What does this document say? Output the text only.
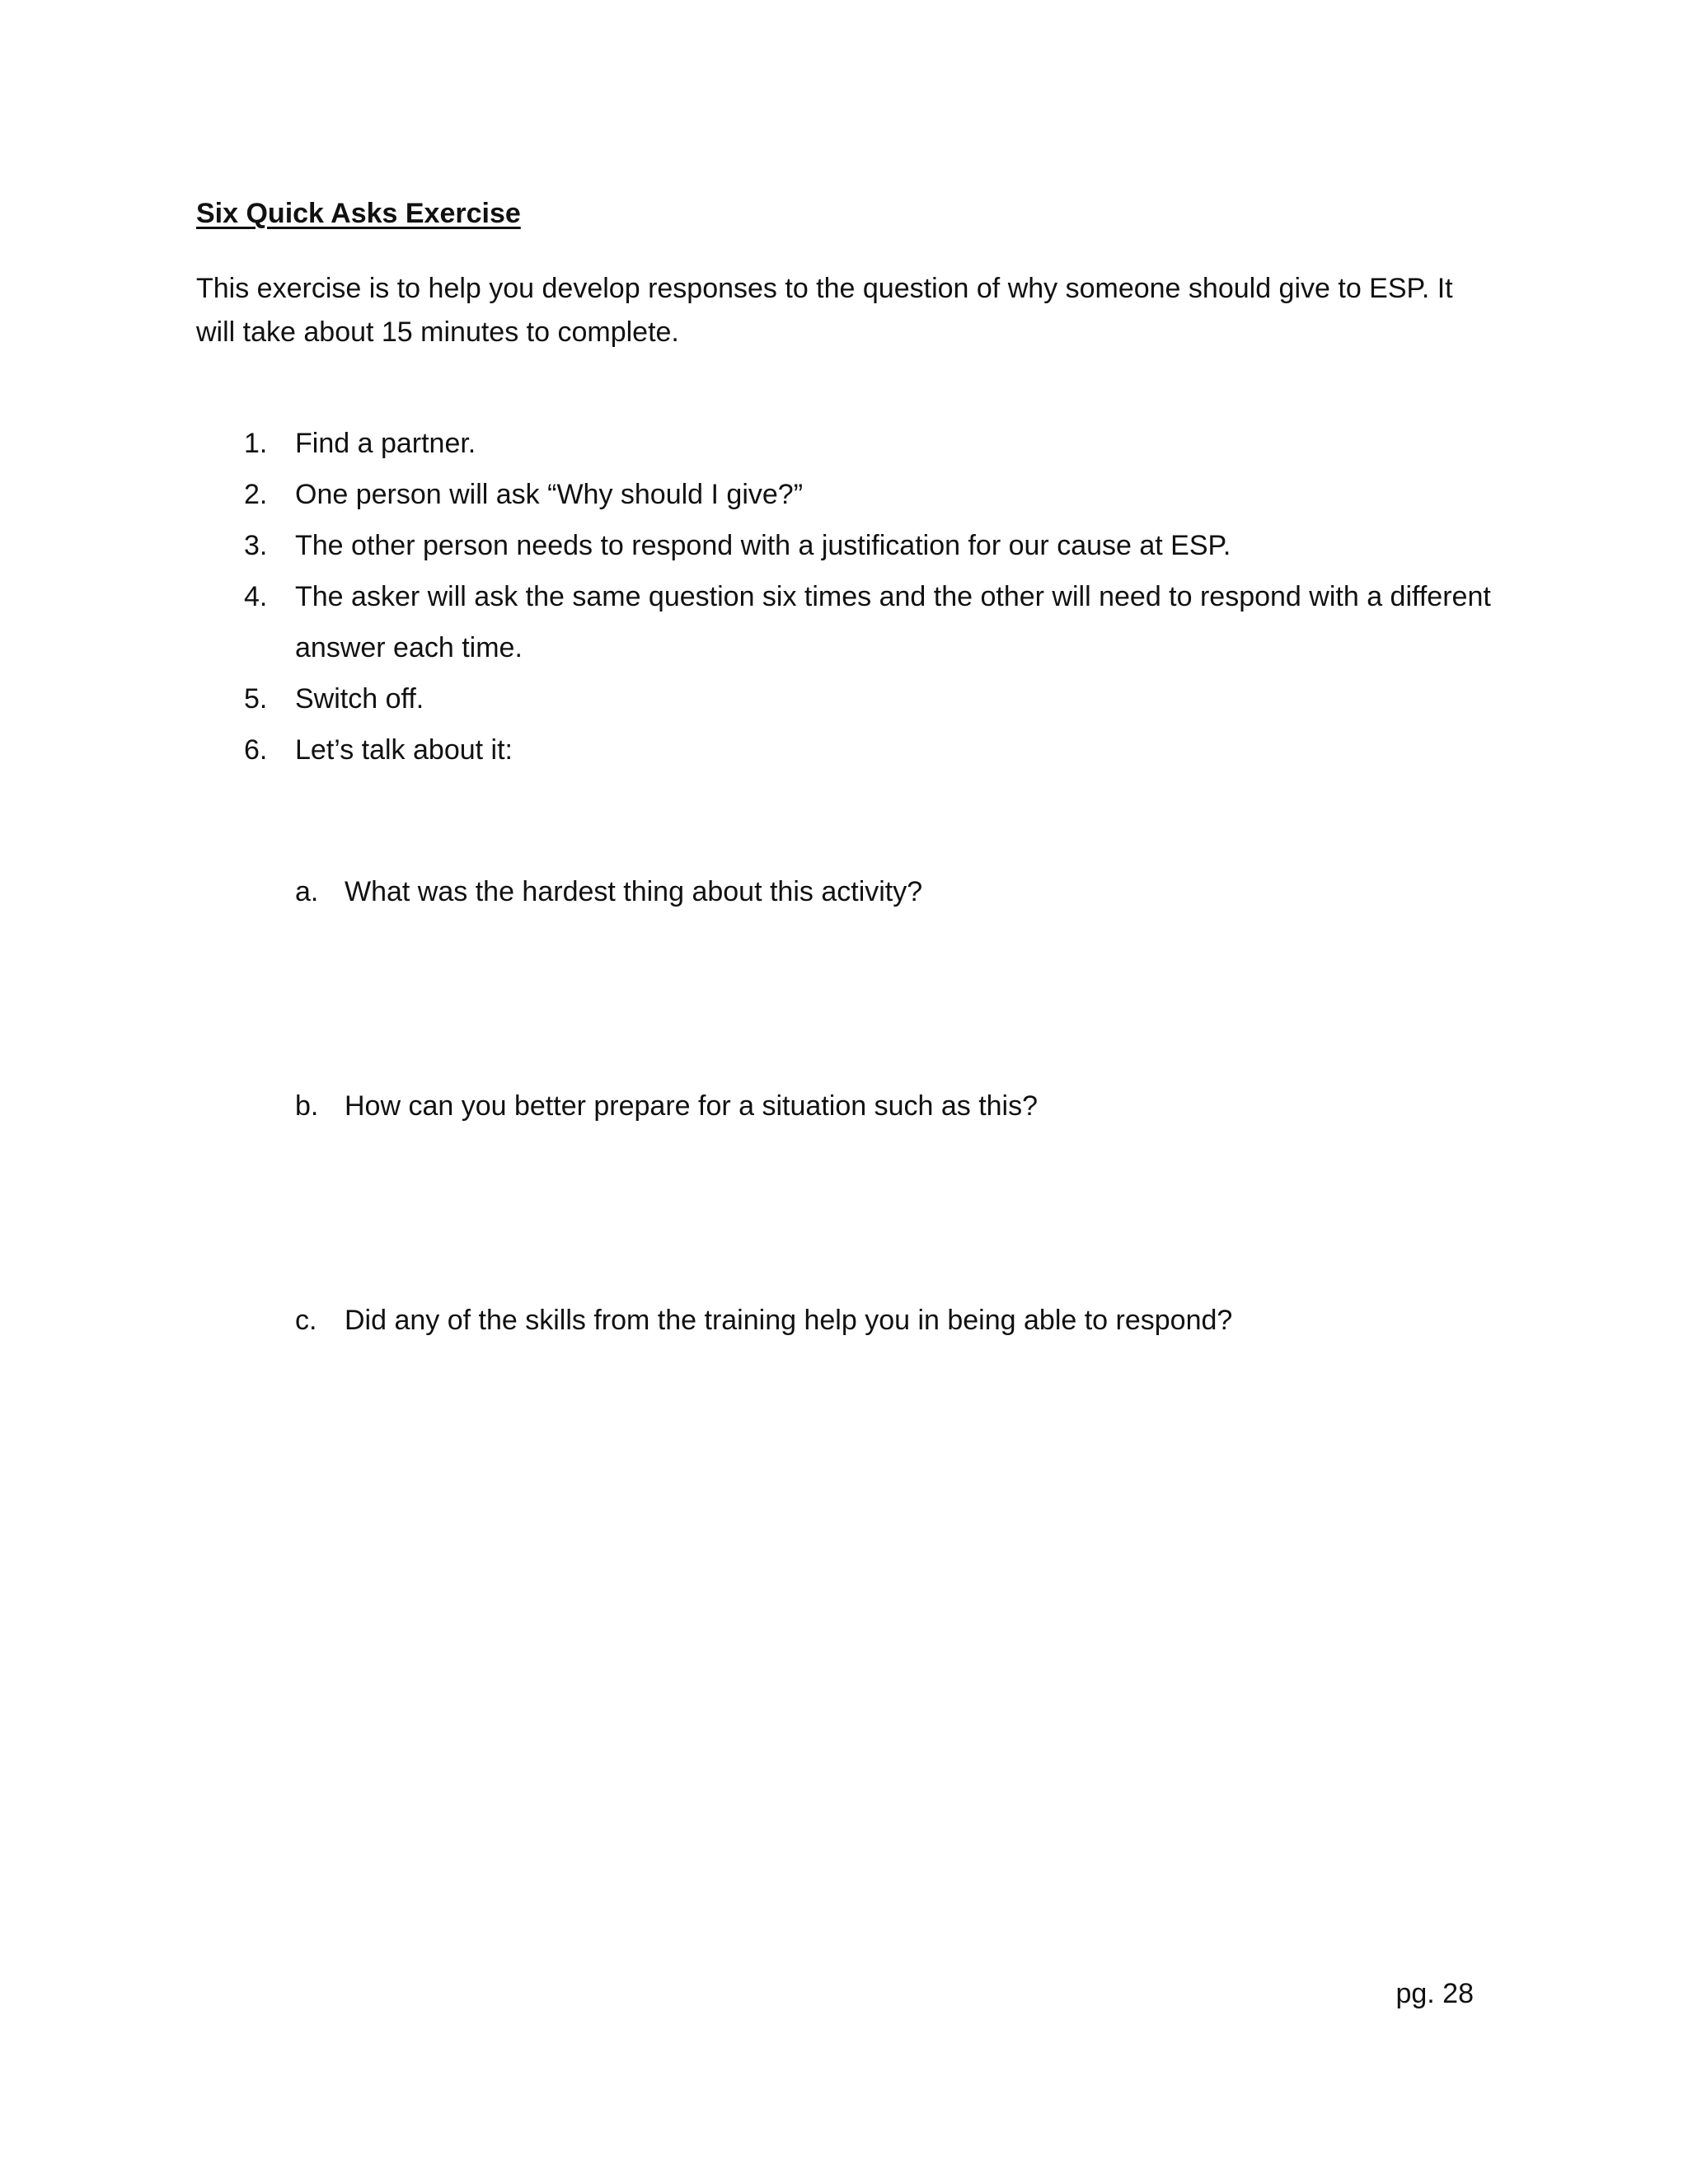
Six Quick Asks Exercise

This exercise is to help you develop responses to the question of why someone should give to ESP. It will take about 15 minutes to complete.

1. Find a partner.
2. One person will ask “Why should I give?”
3. The other person needs to respond with a justification for our cause at ESP.
4. The asker will ask the same question six times and the other will need to respond with a different answer each time.
5. Switch off.
6. Let’s talk about it:
a. What was the hardest thing about this activity?
b. How can you better prepare for a situation such as this?
c. Did any of the skills from the training help you in being able to respond?
pg. 28
